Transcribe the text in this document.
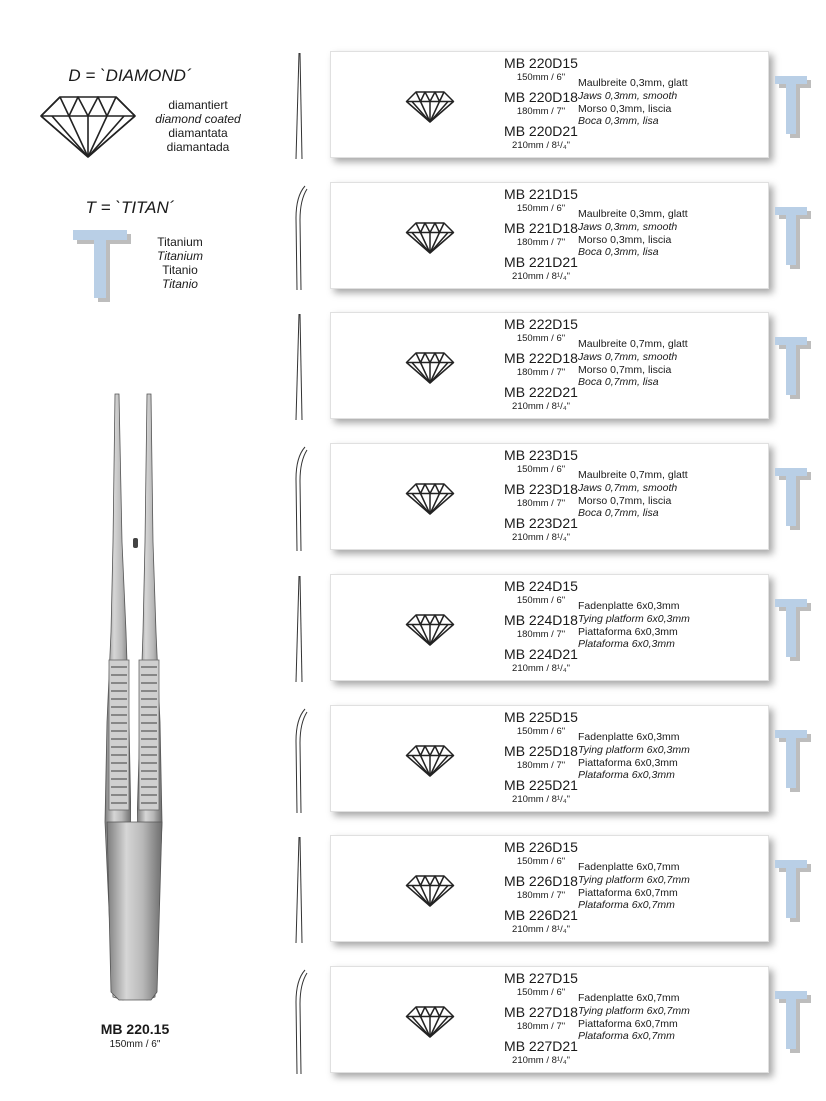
D = `DIAMOND´
diamantiert
diamond coated
diamantata
diamantada
T = `TITAN´
Titanium
Titanium
Titanio
Titanio
MB 220.15
150mm / 6"
MB 220D15
150mm / 6"
MB 220D18
180mm / 7"
MB 220D21
210mm / 8¹/₄"
Maulbreite 0,3mm, glatt
Jaws 0,3mm, smooth
Morso 0,3mm, liscia
Boca 0,3mm, lisa
MB 221D15
150mm / 6"
MB 221D18
180mm / 7"
MB 221D21
210mm / 8¹/₄"
Maulbreite 0,3mm, glatt
Jaws 0,3mm, smooth
Morso 0,3mm, liscia
Boca 0,3mm, lisa
MB 222D15
150mm / 6"
MB 222D18
180mm / 7"
MB 222D21
210mm / 8¹/₄"
Maulbreite 0,7mm, glatt
Jaws 0,7mm, smooth
Morso 0,7mm, liscia
Boca 0,7mm, lisa
MB 223D15
150mm / 6"
MB 223D18
180mm / 7"
MB 223D21
210mm / 8¹/₄"
Maulbreite 0,7mm, glatt
Jaws 0,7mm, smooth
Morso 0,7mm, liscia
Boca 0,7mm, lisa
MB 224D15
150mm / 6"
MB 224D18
180mm / 7"
MB 224D21
210mm / 8¹/₄"
Fadenplatte 6x0,3mm
Tying platform 6x0,3mm
Piattaforma 6x0,3mm
Plataforma 6x0,3mm
MB 225D15
150mm / 6"
MB 225D18
180mm / 7"
MB 225D21
210mm / 8¹/₄"
Fadenplatte 6x0,3mm
Tying platform 6x0,3mm
Piattaforma 6x0,3mm
Plataforma 6x0,3mm
MB 226D15
150mm / 6"
MB 226D18
180mm / 7"
MB 226D21
210mm / 8¹/₄"
Fadenplatte 6x0,7mm
Tying platform 6x0,7mm
Piattaforma 6x0,7mm
Plataforma 6x0,7mm
MB 227D15
150mm / 6"
MB 227D18
180mm / 7"
MB 227D21
210mm / 8¹/₄"
Fadenplatte 6x0,7mm
Tying platform 6x0,7mm
Piattaforma 6x0,7mm
Plataforma 6x0,7mm
